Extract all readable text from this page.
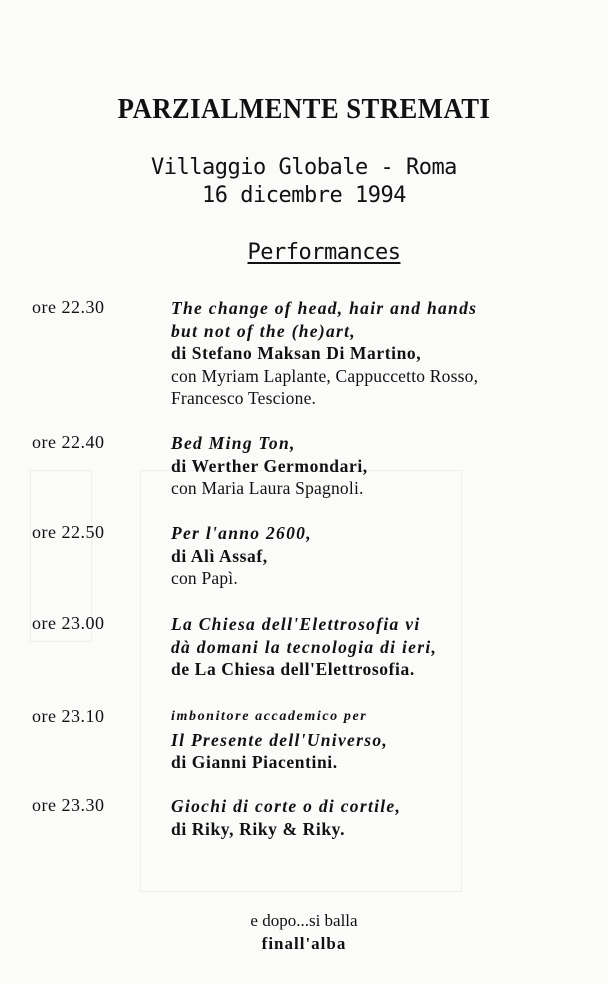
PARZIALMENTE STREMATI
Villaggio Globale - Roma
16 dicembre 1994
Performances
ore 22.30	The change of head, hair and hands
but not of the (he)art,
di Stefano Maksan Di Martino,
con Myriam Laplante, Cappuccetto Rosso,
Francesco Tescione.
ore 22.40	Bed Ming Ton,
di Werther Germondari,
con Maria Laura Spagnoli.
ore 22.50	Per l'anno 2600,
di Alì Assaf,
con Papì.
ore 23.00	La Chiesa dell'Elettrosofia vi
dà domani la tecnologia di ieri,
de La Chiesa dell'Elettrosofia.
ore 23.10	imbonitore accademico per
Il Presente dell'Universo,
di Gianni Piacentini.
ore 23.30	Giochi di corte o di cortile,
di Riky, Riky & Riky.
e dopo...si balla
finall'alba
